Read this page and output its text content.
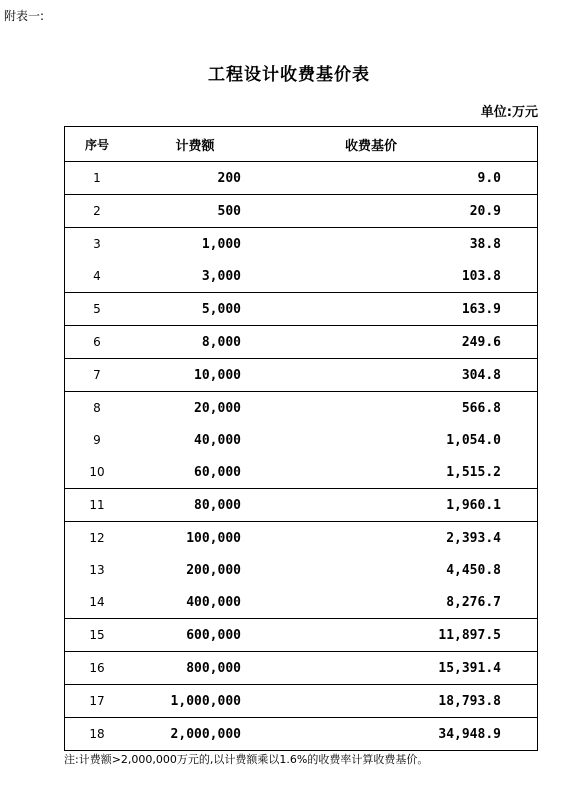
附表一:
工程设计收费基价表
单位:万元
序号	计费额	收费基价
1	200	9.0
2	500	20.9
3	1,000	38.8
4	3,000	103.8
5	5,000	163.9
6	8,000	249.6
7	10,000	304.8
8	20,000	566.8
9	40,000	1,054.0
10	60,000	1,515.2
11	80,000	1,960.1
12	100,000	2,393.4
13	200,000	4,450.8
14	400,000	8,276.7
15	600,000	11,897.5
16	800,000	15,391.4
17	1,000,000	18,793.8
18	2,000,000	34,948.9
注:计费额>2,000,000万元的,以计费额乘以1.6%的收费率计算收费基价。
